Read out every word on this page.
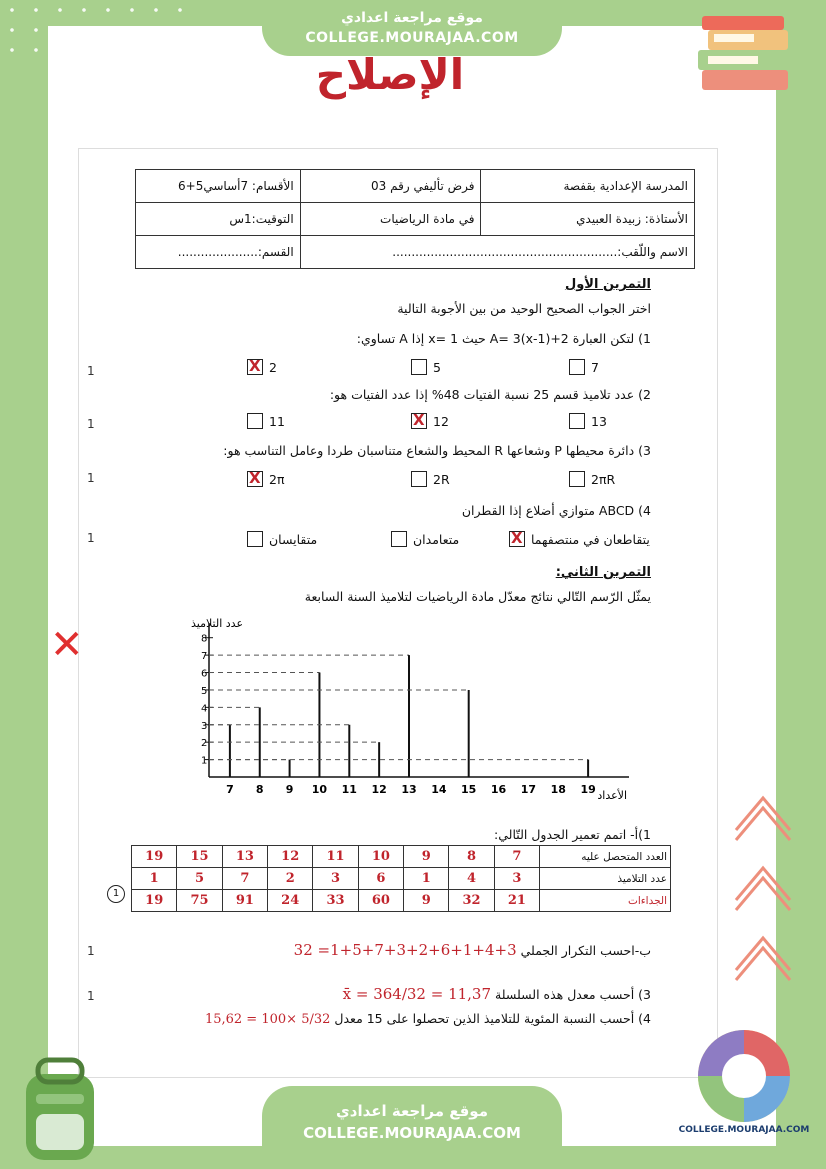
موقع مراجعة اعدادي
COLLEGE.MOURAJAA.COM
الإصلاح
المدرسة الإعدادية بقفصة	فرض تأليفي رقم 03	الأقسام: 7أساسي5+6
الأستاذة: زبيدة العبيدي	في مادة الرياضيات	التوقيت:1س
الاسم واللّقب:...........................................................		القسم:.....................
التمرين الأول
اختر الجواب الصحيح الوحيد من بين الأجوبة التالية
1) لتكن العبارة A= 3(x-1)+2 حيث x= 1 إذا A تساوي:
X
2	5	7
2) عدد تلاميذ قسم 25 نسبة الفتيات 48% إذا عدد الفتيات هو:
11 X	12	13
3) دائرة محيطها P وشعاعها R المحيط والشعاع متناسبان طردا وعامل التناسب هو:
X
2π	2R	2πR
4) ABCD متوازي أضلاع إذا القطران
X
يتقاطعان في منتصفهما
متعامدان
متقايسان
1
1
1
1
التمرين الثاني:
يمثّل الرّسم التّالي نتائج معدّل مادة الرياضيات لتلاميذ السنة السابعة
عدد التلاميذ
الأعداد
1
2
3
4
5
6
7
8
7 8 9 10 11 12 13 14 15 16 17 18 19
1)أ- اتمم تعمير الجدول التّالي:
العدد المتحصل عليه	7	8	9	10	11	12	13	15	19
عدد التلاميذ	3	4	1	6	3	2	7	5	1
الجداءات	21	32	9	60	33	24	91	75	19
1
ب-احسب التكرار الجملي 3+4+1+6+2+3+7+5+1= 32
3) أحسب معدل هذه السلسلة x̄ = 364/32 = 11,37
4) أحسب النسبة المئوية للتلاميذ الذين تحصلوا على 15 معدل 5/32 ×100 = 15,62
1
1
✕
COLLEGE.MOURAJAA.COM
موقع مراجعة اعدادي
COLLEGE.MOURAJAA.COM
